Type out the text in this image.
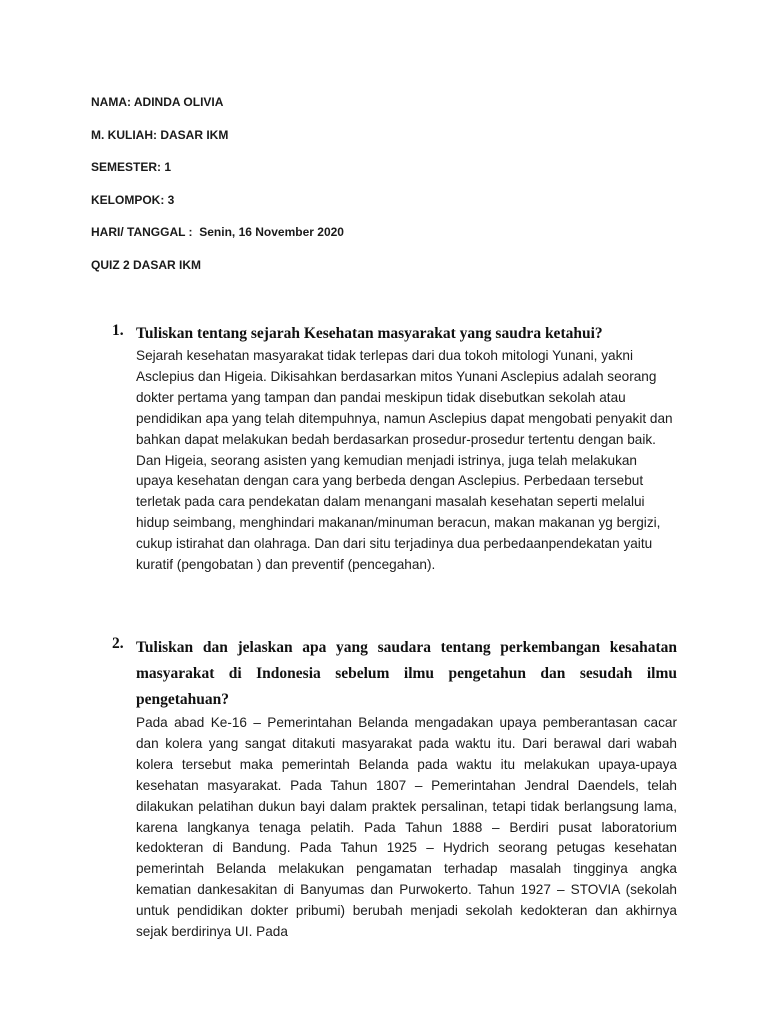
NAMA: ADINDA OLIVIA
M. KULIAH: DASAR IKM
SEMESTER: 1
KELOMPOK: 3
HARI/ TANGGAL : Senin, 16 November 2020
QUIZ 2 DASAR IKM
1. Tuliskan tentang sejarah Kesehatan masyarakat yang saudra ketahui?
Sejarah kesehatan masyarakat tidak terlepas dari dua tokoh mitologi Yunani, yakni Asclepius dan Higeia. Dikisahkan berdasarkan mitos Yunani Asclepius adalah seorang dokter pertama yang tampan dan pandai meskipun tidak disebutkan sekolah atau pendidikan apa yang telah ditempuhnya, namun Asclepius dapat mengobati penyakit dan bahkan dapat melakukan bedah berdasarkan prosedur-prosedur tertentu dengan baik. Dan Higeia, seorang asisten yang kemudian menjadi istrinya, juga telah melakukan upaya kesehatan dengan cara yang berbeda dengan Asclepius. Perbedaan tersebut terletak pada cara pendekatan dalam menangani masalah kesehatan seperti melalui hidup seimbang, menghindari makanan/minuman beracun, makan makanan yg bergizi, cukup istirahat dan olahraga. Dan dari situ terjadinya dua perbedaanpendekatan yaitu kuratif (pengobatan ) dan preventif (pencegahan).
2. Tuliskan dan jelaskan apa yang saudara tentang perkembangan kesahatan masyarakat di Indonesia sebelum ilmu pengetahun dan sesudah ilmu pengetahuan?
Pada abad Ke-16 – Pemerintahan Belanda mengadakan upaya pemberantasan cacar dan kolera yang sangat ditakuti masyarakat pada waktu itu. Dari berawal dari wabah kolera tersebut maka pemerintah Belanda pada waktu itu melakukan upaya-upaya kesehatan masyarakat. Pada Tahun 1807 – Pemerintahan Jendral Daendels, telah dilakukan pelatihan dukun bayi dalam praktek persalinan, tetapi tidak berlangsung lama, karena langkanya tenaga pelatih. Pada Tahun 1888 – Berdiri pusat laboratorium kedokteran di Bandung. Pada Tahun 1925 – Hydrich seorang petugas kesehatan pemerintah Belanda melakukan pengamatan terhadap masalah tingginya angka kematian dankesakitan di Banyumas dan Purwokerto. Tahun 1927 – STOVIA (sekolah untuk pendidikan dokter pribumi) berubah menjadi sekolah kedokteran dan akhirnya sejak berdirinya UI. Pada
